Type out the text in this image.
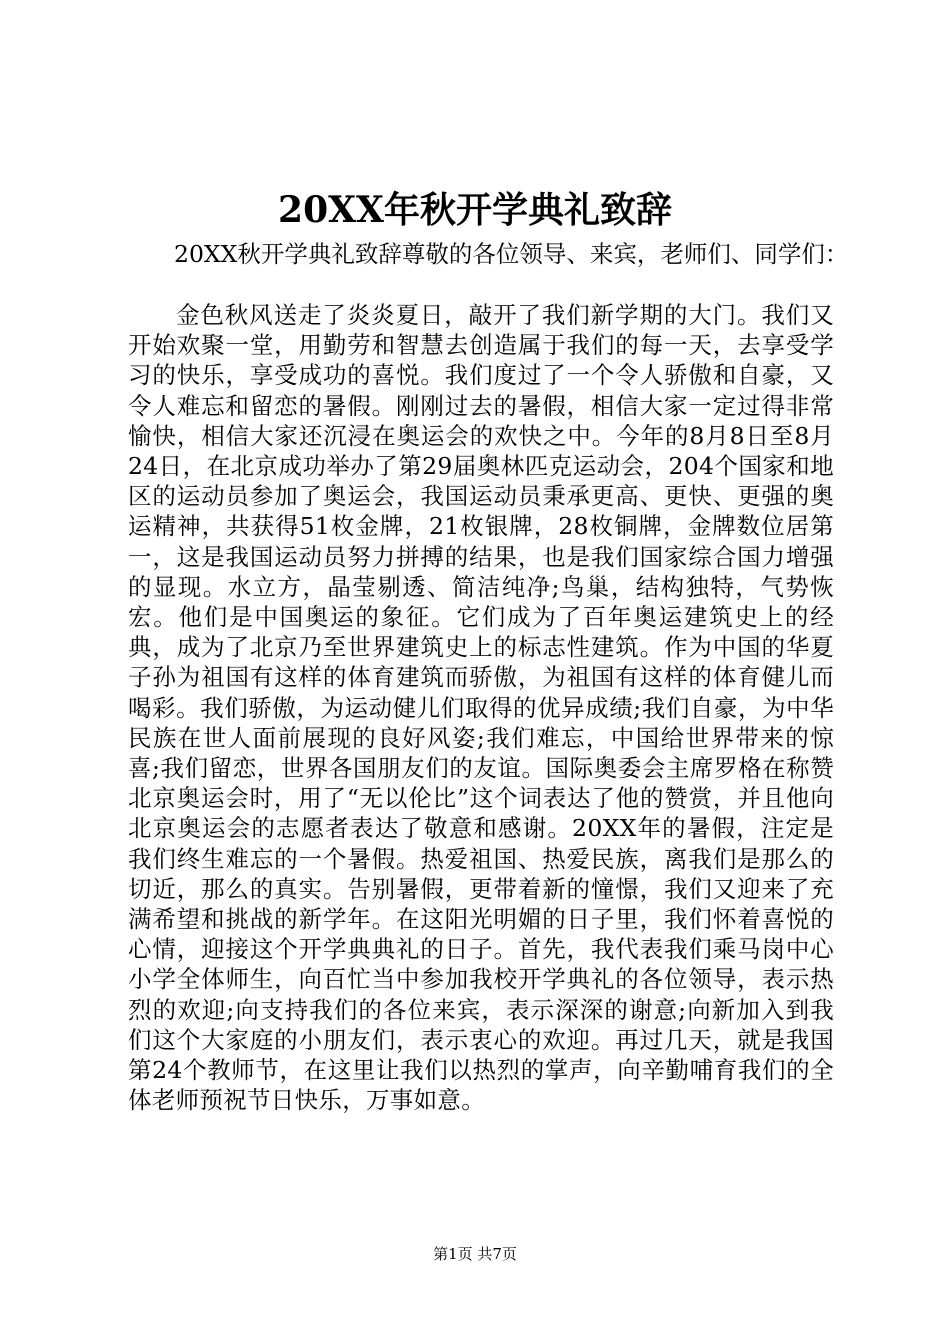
20XX年秋开学典礼致辞

20XX秋开学典礼致辞尊敬的各位领导、来宾，老师们、同学们：

金色秋风送走了炎炎夏日，敲开了我们新学期的大门。我们又开始欢聚一堂，用勤劳和智慧去创造属于我们的每一天，去享受学习的快乐，享受成功的喜悦。我们度过了一个令人骄傲和自豪，又令人难忘和留恋的暑假。刚刚过去的暑假，相信大家一定过得非常愉快，相信大家还沉浸在奥运会的欢快之中。今年的8月8日至8月24日，在北京成功举办了第29届奥林匹克运动会，204个国家和地区的运动员参加了奥运会，我国运动员秉承更高、更快、更强的奥运精神，共获得51枚金牌，21枚银牌，28枚铜牌，金牌数位居第一，这是我国运动员努力拼搏的结果，也是我们国家综合国力增强的显现。水立方，晶莹剔透、简洁纯净;鸟巢，结构独特，气势恢宏。他们是中国奥运的象征。它们成为了百年奥运建筑史上的经典，成为了北京乃至世界建筑史上的标志性建筑。作为中国的华夏子孙为祖国有这样的体育建筑而骄傲，为祖国有这样的体育健儿而喝彩。我们骄傲，为运动健儿们取得的优异成绩;我们自豪，为中华民族在世人面前展现的良好风姿;我们难忘，中国给世界带来的惊喜;我们留恋，世界各国朋友们的友谊。国际奥委会主席罗格在称赞北京奥运会时，用了“无以伦比”这个词表达了他的赞赏，并且他向北京奥运会的志愿者表达了敬意和感谢。20XX年的暑假，注定是我们终生难忘的一个暑假。热爱祖国、热爱民族，离我们是那么的切近，那么的真实。告别暑假，更带着新的憧憬，我们又迎来了充满希望和挑战的新学年。在这阳光明媚的日子里，我们怀着喜悦的心情，迎接这个开学典典礼的日子。首先，我代表我们乘马岗中心小学全体师生，向百忙当中参加我校开学典礼的各位领导，表示热烈的欢迎;向支持我们的各位来宾，表示深深的谢意;向新加入到我们这个大家庭的小朋友们，表示衷心的欢迎。再过几天，就是我国第24个教师节，在这里让我们以热烈的掌声，向辛勤哺育我们的全体老师预祝节日快乐，万事如意。

第1页 共7页
